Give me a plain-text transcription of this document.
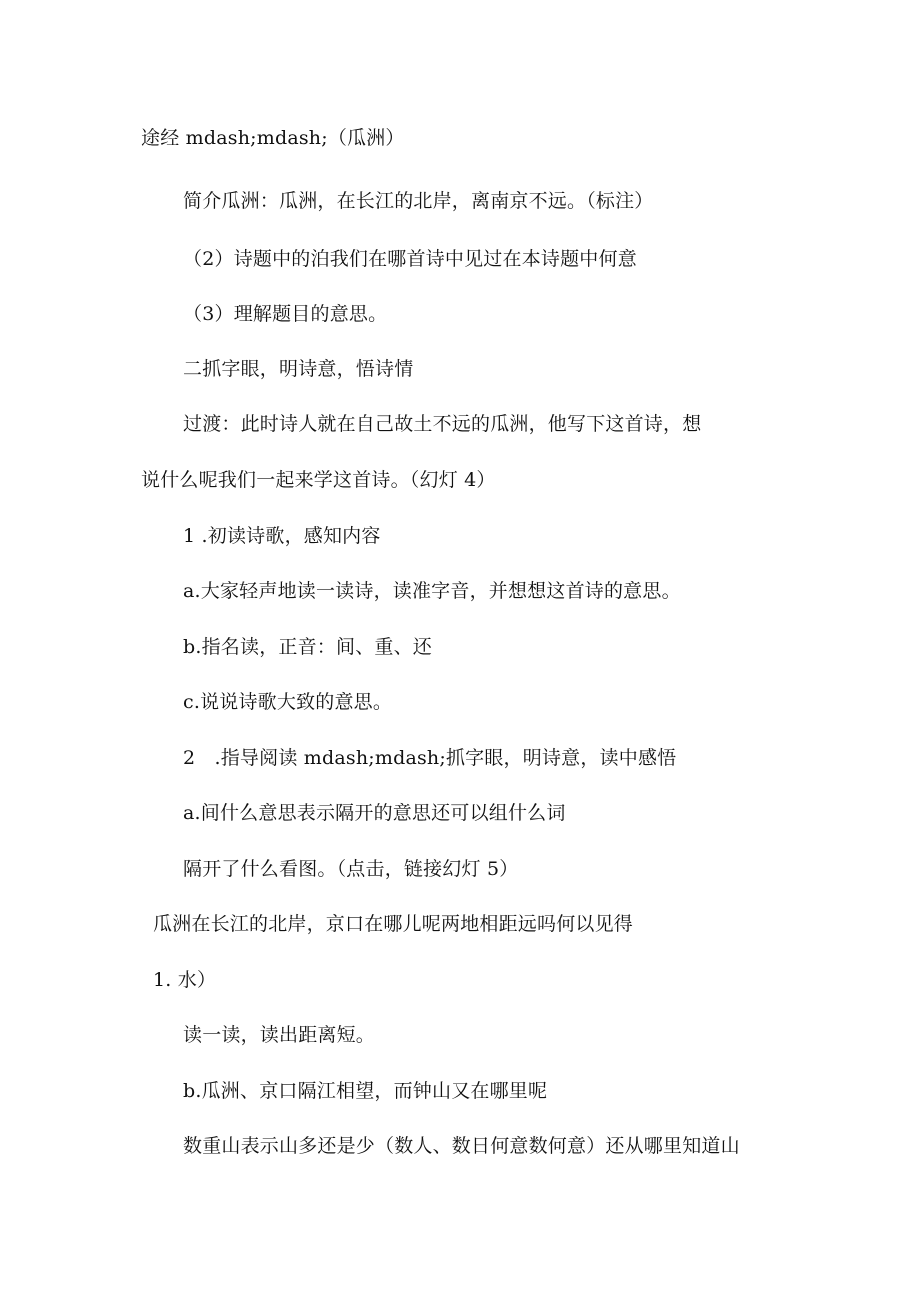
途经 mdash;mdash;（瓜洲）
简介瓜洲：瓜洲，在长江的北岸，离南京不远。（标注）
（2）诗题中的泊我们在哪首诗中见过在本诗题中何意
（3）理解题目的意思。
二抓字眼，明诗意，悟诗情
过渡：此时诗人就在自己故土不远的瓜洲，他写下这首诗，想
说什么呢我们一起来学这首诗。（幻灯 4）
1 .初读诗歌，感知内容
a.大家轻声地读一读诗，读准字音，并想想这首诗的意思。
b.指名读，正音：间、重、还
c.说说诗歌大致的意思。
2　.指导阅读 mdash;mdash;抓字眼，明诗意，读中感悟
a.间什么意思表示隔开的意思还可以组什么词
隔开了什么看图。（点击，链接幻灯 5）
瓜洲在长江的北岸，京口在哪儿呢两地相距远吗何以见得
1. 水）
读一读，读出距离短。
b.瓜洲、京口隔江相望，而钟山又在哪里呢
数重山表示山多还是少（数人、数日何意数何意）还从哪里知道山
